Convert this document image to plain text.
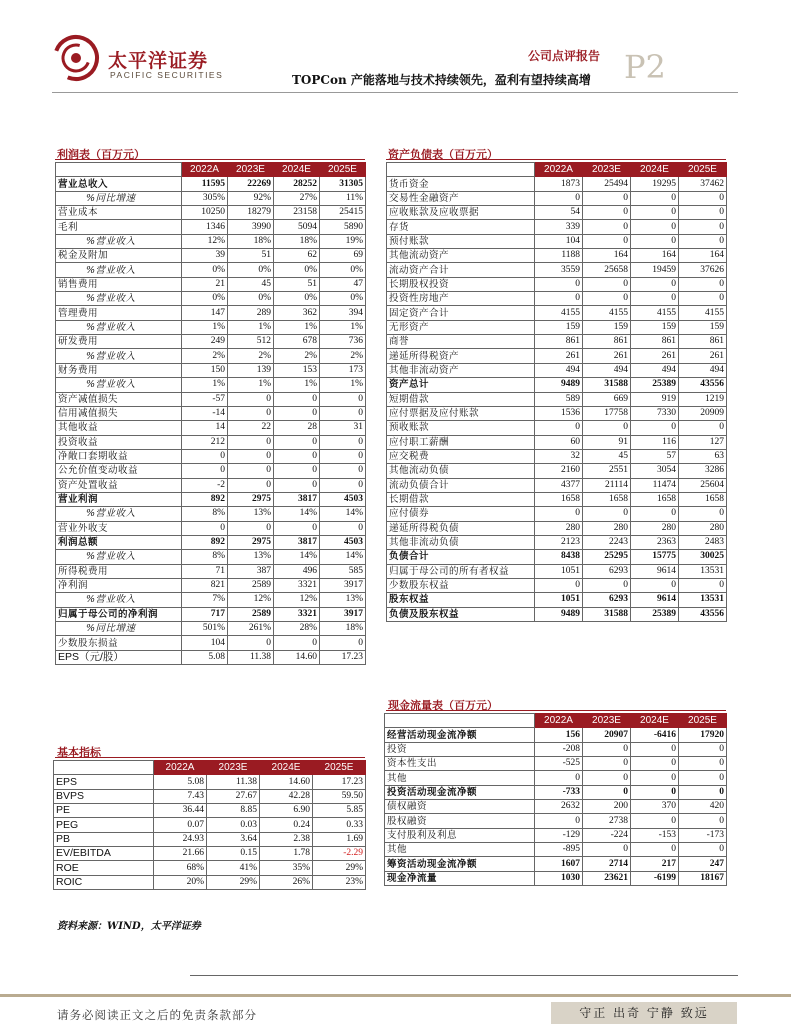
太平洋证券
PACIFIC SECURITIES
公司点评报告 P2
TOPCon 产能落地与技术持续领先，盈利有望持续高增
利润表（百万元）
	2022A	2023E	2024E	2025E
营业总收入	11595	22269	28252	31305
%同比增速	305%	92%	27%	11%
营业成本	10250	18279	23158	25415
毛利	1346	3990	5094	5890
%营业收入	12%	18%	18%	19%
税金及附加	39	51	62	69
%营业收入	0%	0%	0%	0%
销售费用	21	45	51	47
%营业收入	0%	0%	0%	0%
管理费用	147	289	362	394
%营业收入	1%	1%	1%	1%
研发费用	249	512	678	736
%营业收入	2%	2%	2%	2%
财务费用	150	139	153	173
%营业收入	1%	1%	1%	1%
资产减值损失	-57	0	0	0
信用减值损失	-14	0	0	0
其他收益	14	22	28	31
投资收益	212	0	0	0
净敞口套期收益	0	0	0	0
公允价值变动收益	0	0	0	0
资产处置收益	-2	0	0	0
营业利润	892	2975	3817	4503
%营业收入	8%	13%	14%	14%
营业外收支	0	0	0	0
利润总额	892	2975	3817	4503
%营业收入	8%	13%	14%	14%
所得税费用	71	387	496	585
净利润	821	2589	3321	3917
%营业收入	7%	12%	12%	13%
归属于母公司的净利润	717	2589	3321	3917
%同比增速	501%	261%	28%	18%
少数股东损益	104	0	0	0
EPS（元/股）	5.08	11.38	14.60	17.23
资产负债表（百万元）
	2022A	2023E	2024E	2025E
货币资金	1873	25494	19295	37462
交易性金融资产	0	0	0	0
应收账款及应收票据	54	0	0	0
存货	339	0	0	0
预付账款	104	0	0	0
其他流动资产	1188	164	164	164
流动资产合计	3559	25658	19459	37626
长期股权投资	0	0	0	0
投资性房地产	0	0	0	0
固定资产合计	4155	4155	4155	4155
无形资产	159	159	159	159
商誉	861	861	861	861
递延所得税资产	261	261	261	261
其他非流动资产	494	494	494	494
资产总计	9489	31588	25389	43556
短期借款	589	669	919	1219
应付票据及应付账款	1536	17758	7330	20909
预收账款	0	0	0	0
应付职工薪酬	60	91	116	127
应交税费	32	45	57	63
其他流动负债	2160	2551	3054	3286
流动负债合计	4377	21114	11474	25604
长期借款	1658	1658	1658	1658
应付债券	0	0	0	0
递延所得税负债	280	280	280	280
其他非流动负债	2123	2243	2363	2483
负债合计	8438	25295	15775	30025
归属于母公司的所有者权益	1051	6293	9614	13531
少数股东权益	0	0	0	0
股东权益	1051	6293	9614	13531
负债及股东权益	9489	31588	25389	43556
现金流量表（百万元）
	2022A	2023E	2024E	2025E
经营活动现金流净额	156	20907	-6416	17920
投资	-208	0	0	0
资本性支出	-525	0	0	0
其他	0	0	0	0
投资活动现金流净额	-733	0	0	0
债权融资	2632	200	370	420
股权融资	0	2738	0	0
支付股利及利息	-129	-224	-153	-173
其他	-895	0	0	0
筹资活动现金流净额	1607	2714	217	247
现金净流量	1030	23621	-6199	18167
基本指标
	2022A	2023E	2024E	2025E
EPS	5.08	11.38	14.60	17.23
BVPS	7.43	27.67	42.28	59.50
PE	36.44	8.85	6.90	5.85
PEG	0.07	0.03	0.24	0.33
PB	24.93	3.64	2.38	1.69
EV/EBITDA	21.66	0.15	1.78	-2.29
ROE	68%	41%	35%	29%
ROIC	20%	29%	26%	23%
资料来源：WIND，太平洋证券
请务必阅读正文之后的免责条款部分	守正 出奇 宁静 致远
